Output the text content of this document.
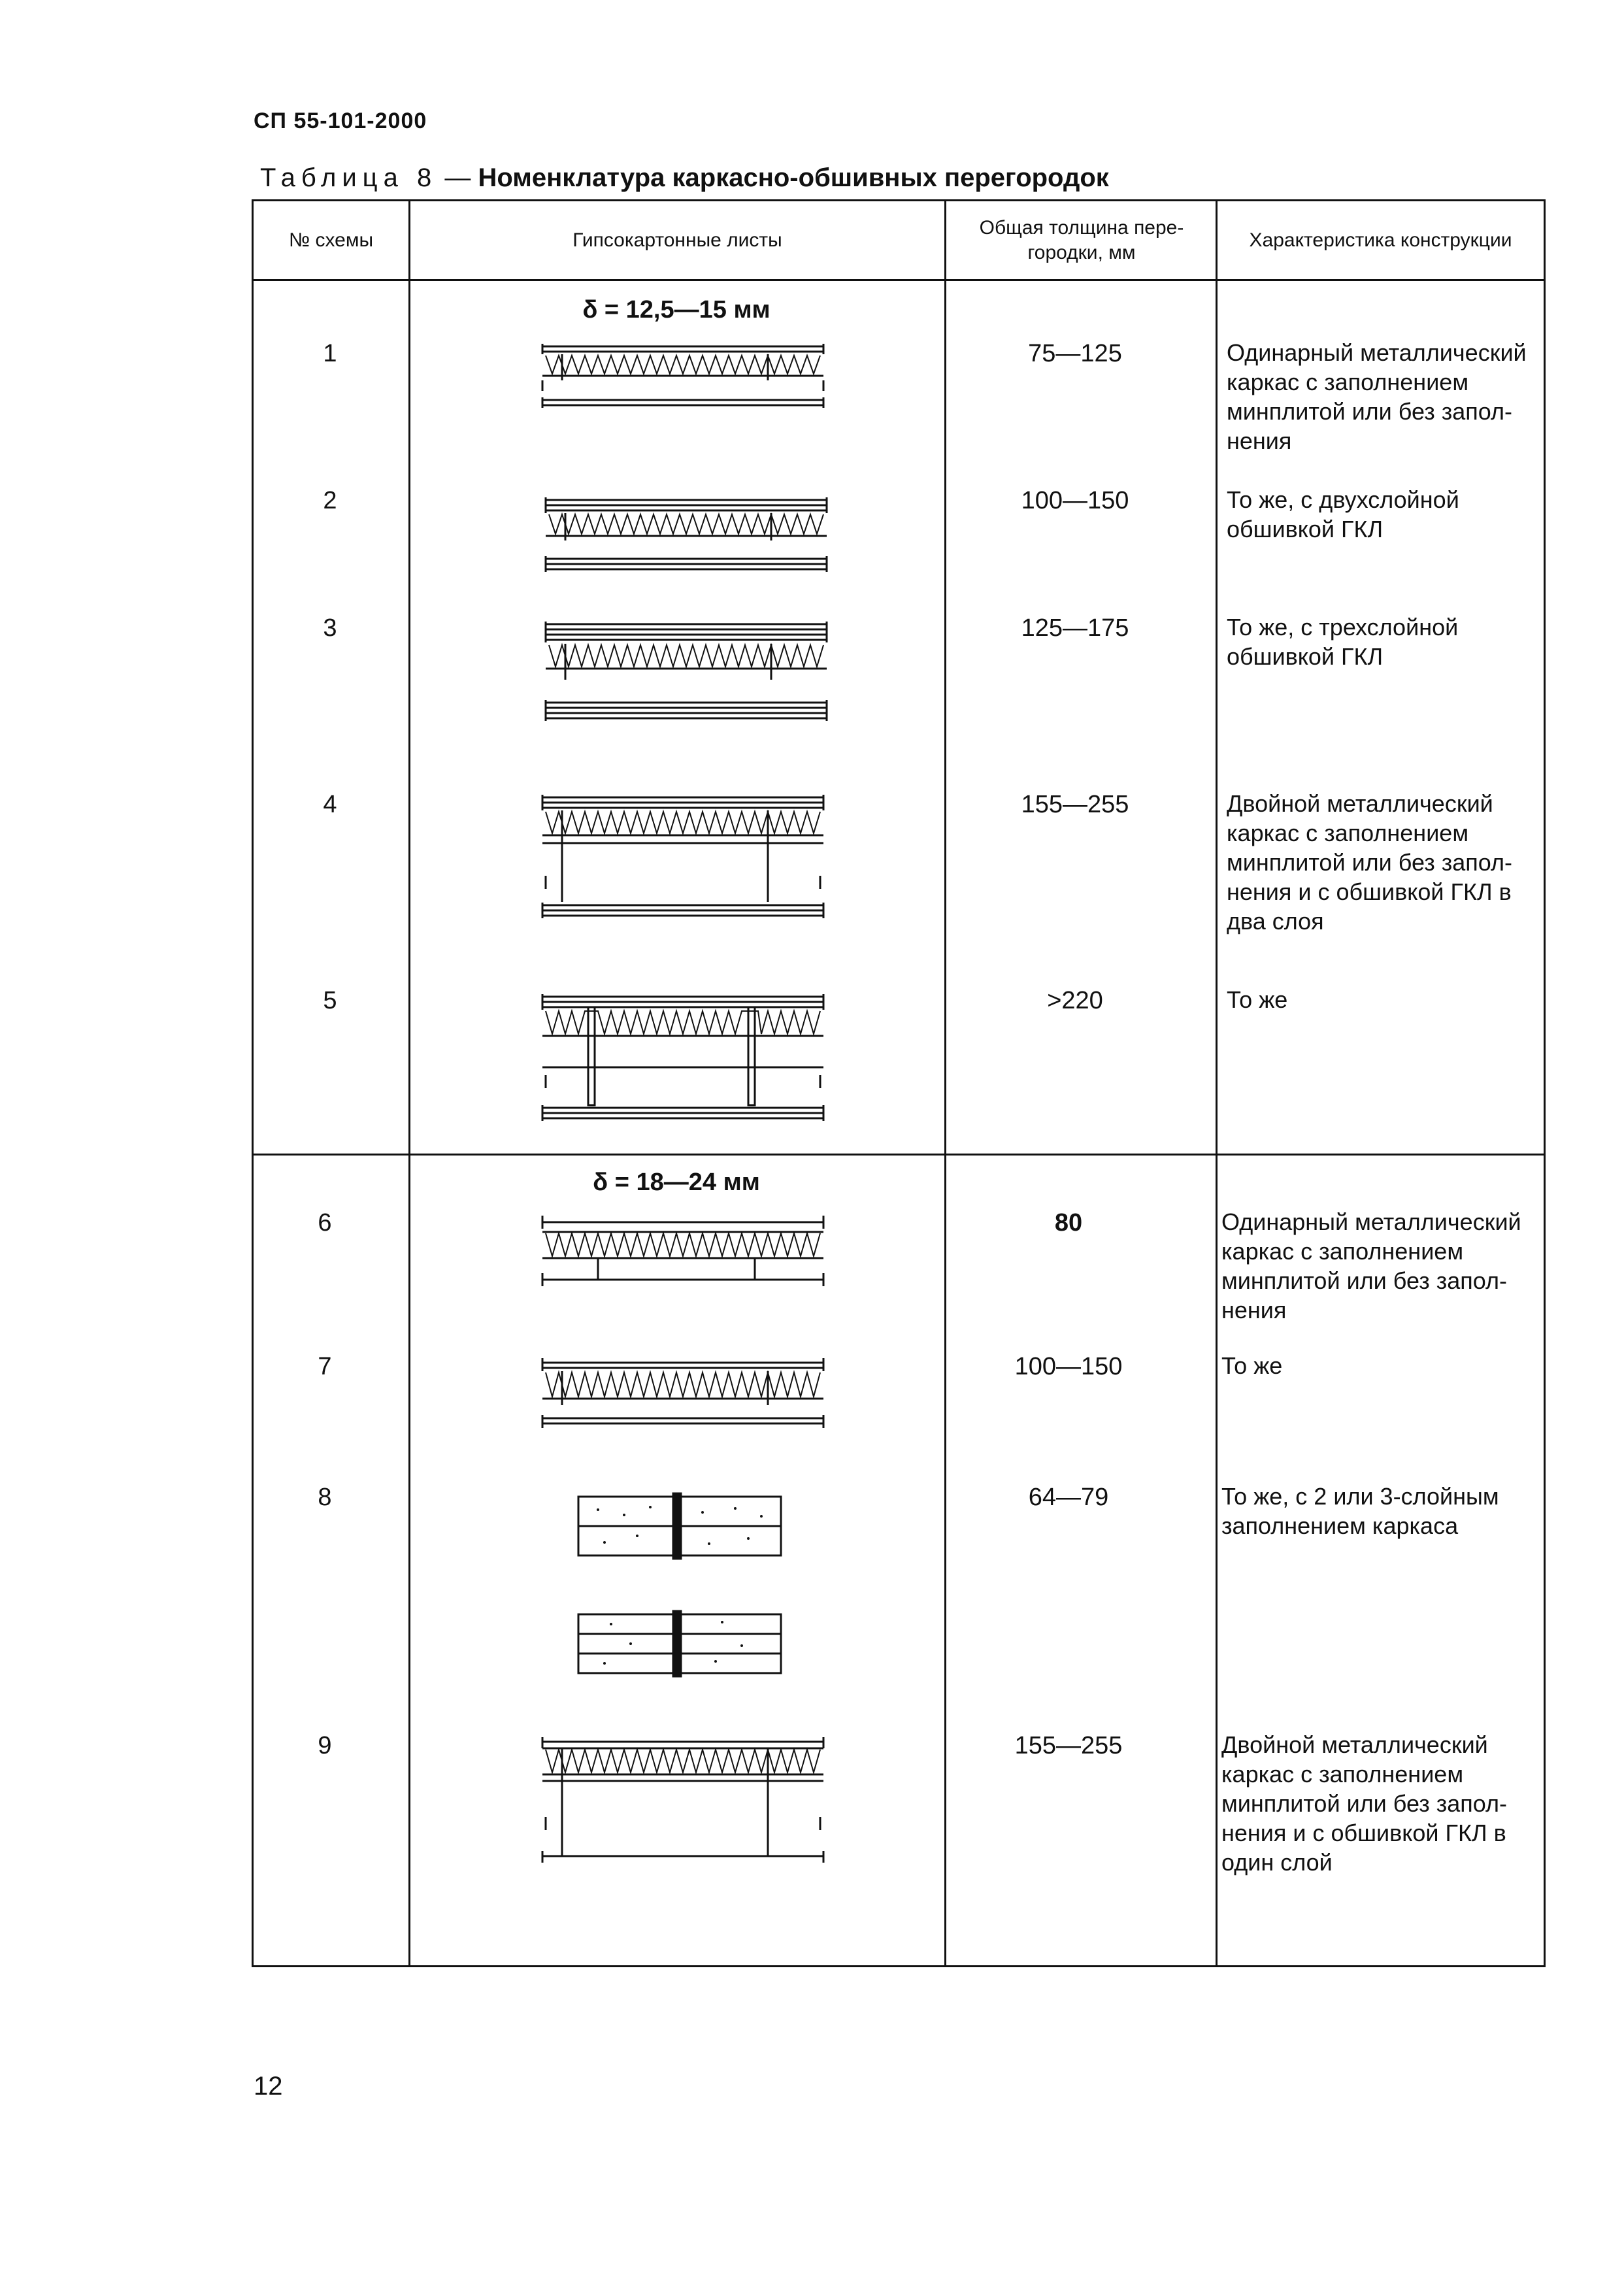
СП 55-101-2000
Таблица 8 — Номенклатура каркасно-обшивных перегородок
№ схемы	Гипсокартонные листы
Общая толщина пере-городки, мм
Характеристика конструкции
δ = 12,5—15 мм
δ = 18—24 мм
1
2
3
4
5
6
7
8
9
75—125
100—150
125—175
155—255
>220
80
100—150
64—79
155—255
Одинарный металлический
каркас с заполнением
минплитой или без запол-
нения
То же, с двухслойной
обшивкой ГКЛ
То же, с трехслойной
обшивкой ГКЛ
Двойной металлический
каркас с заполнением
минплитой или без запол-
нения и с обшивкой ГКЛ в
два слоя
То же
Одинарный металлический
каркас с заполнением
минплитой или без запол-
нения
То же
То же, с 2 или 3-слойным
заполнением каркаса
Двойной металлический
каркас с заполнением
минплитой или без запол-
нения и с обшивкой ГКЛ в
один слой
12
